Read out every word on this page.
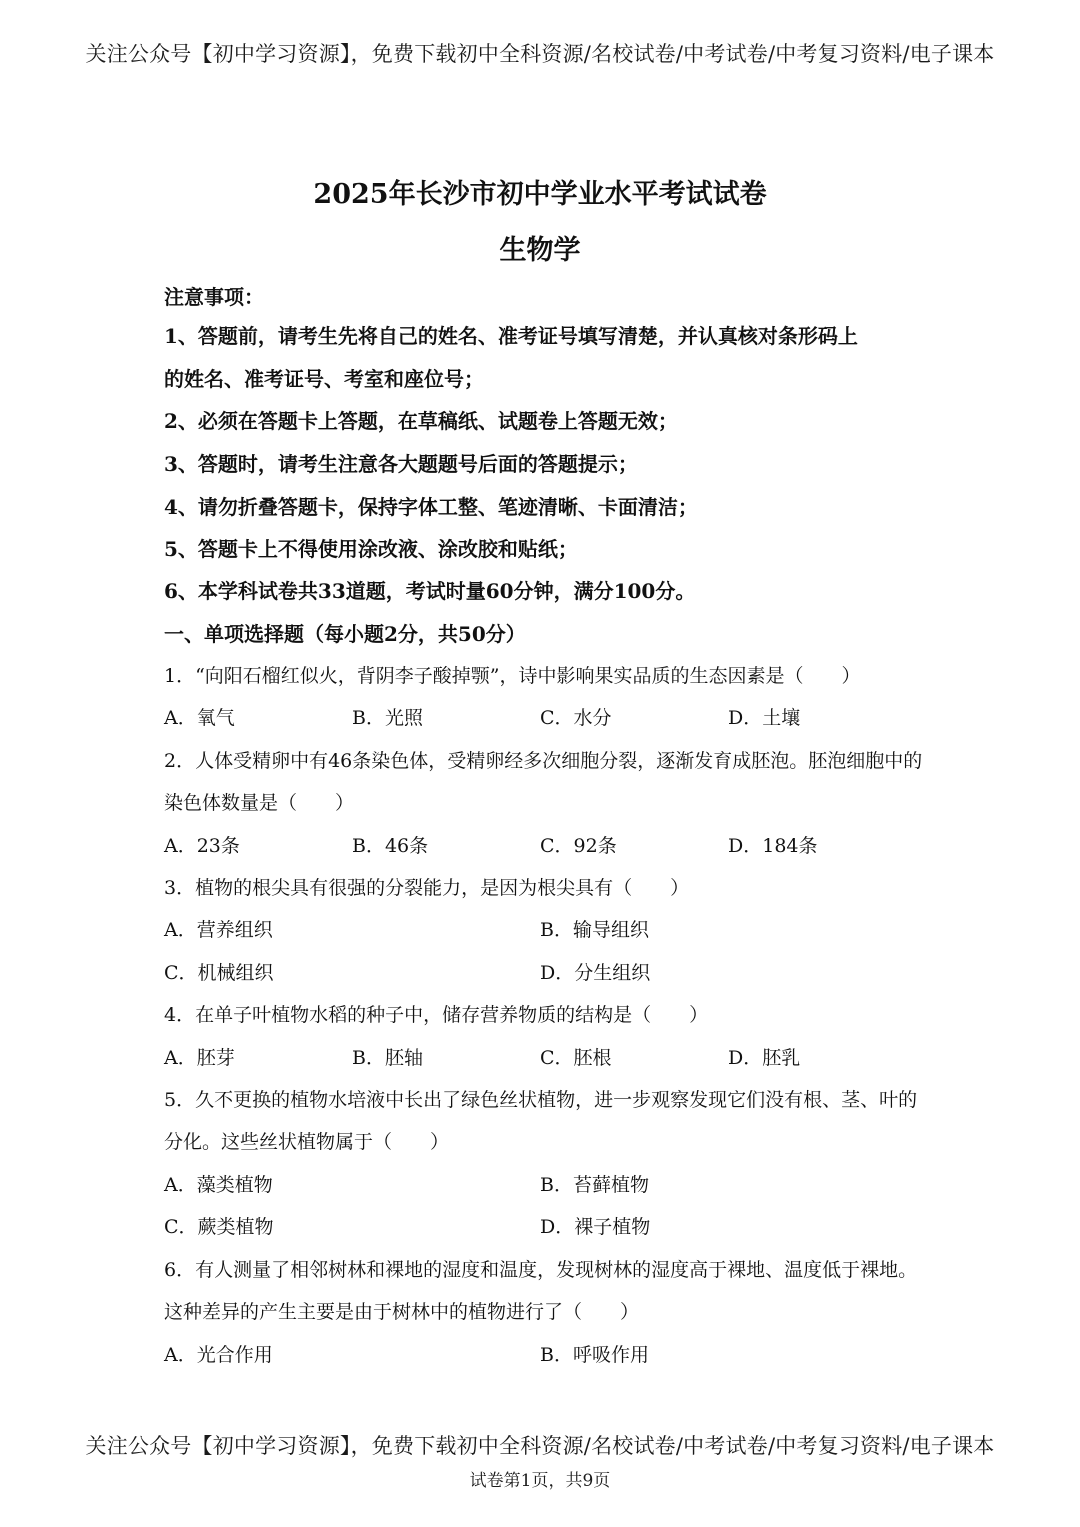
关注公众号【初中学习资源】，免费下载初中全科资源/名校试卷/中考试卷/中考复习资料/电子课本
2025年长沙市初中学业水平考试试卷
生物学
注意事项：
1、答题前，请考生先将自己的姓名、准考证号填写清楚，并认真核对条形码上
的姓名、准考证号、考室和座位号；
2、必须在答题卡上答题，在草稿纸、试题卷上答题无效；
3、答题时，请考生注意各大题题号后面的答题提示；
4、请勿折叠答题卡，保持字体工整、笔迹清晰、卡面清洁；
5、答题卡上不得使用涂改液、涂改胶和贴纸；
6、本学科试卷共33道题，考试时量60分钟，满分100分。
一、单项选择题（每小题2分，共50分）
1．“向阳石榴红似火，背阴李子酸掉颚”，诗中影响果实品质的生态因素是（　　）
A．氧气	B．光照	C．水分	D．土壤
2．人体受精卵中有46条染色体，受精卵经多次细胞分裂，逐渐发育成胚泡。胚泡细胞中的
染色体数量是（　　）
A．23条	B．46条	C．92条	D．184条
3．植物的根尖具有很强的分裂能力，是因为根尖具有（　　）
A．营养组织	B．输导组织
C．机械组织	D．分生组织
4．在单子叶植物水稻的种子中，储存营养物质的结构是（　　）
A．胚芽	B．胚轴	C．胚根	D．胚乳
5．久不更换的植物水培液中长出了绿色丝状植物，进一步观察发现它们没有根、茎、叶的
分化。这些丝状植物属于（　　）
A．藻类植物	B．苔藓植物
C．蕨类植物	D．裸子植物
6．有人测量了相邻树林和裸地的湿度和温度，发现树林的湿度高于裸地、温度低于裸地。
这种差异的产生主要是由于树林中的植物进行了（　　）
A．光合作用	B．呼吸作用
关注公众号【初中学习资源】，免费下载初中全科资源/名校试卷/中考试卷/中考复习资料/电子课本
试卷第1页，共9页
